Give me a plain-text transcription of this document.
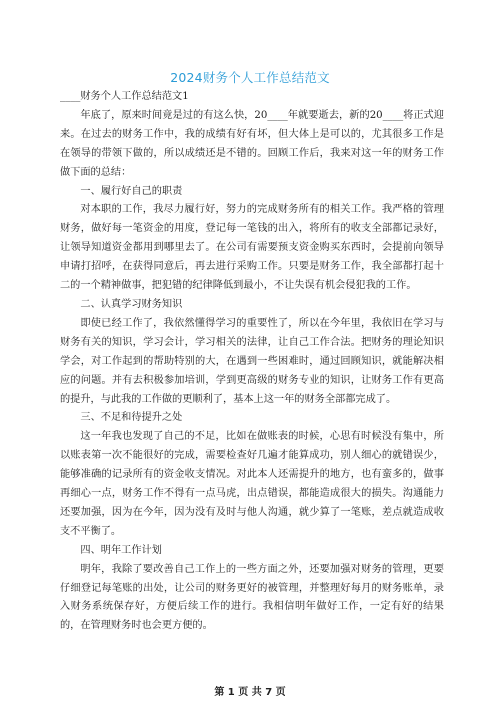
2024财务个人工作总结范文

____财务个人工作总结范文1

年底了，原来时间竟是过的有这么快，20____年就要逝去，新的20____将正式迎来。在过去的财务工作中，我的成绩有好有坏，但大体上是可以的，尤其很多工作是在领导的带领下做的，所以成绩还是不错的。回顾工作后，我来对这一年的财务工作做下面的总结：

一、履行好自己的职责

对本职的工作，我尽力履行好，努力的完成财务所有的相关工作。我严格的管理财务，做好每一笔资金的用度，登记每一笔钱的出入，将所有的收支全部都记录好，让领导知道资金都用到哪里去了。在公司有需要预支资金购买东西时，会提前向领导申请打招呼，在获得同意后，再去进行采购工作。只要是财务工作，我全部都打起十二的一个精神做事，把犯错的纪律降低到最小，不让失误有机会侵犯我的工作。

二、认真学习财务知识

即使已经工作了，我依然懂得学习的重要性了，所以在今年里，我依旧在学习与财务有关的知识，学习会计，学习相关的法律，让自己工作合法。把财务的理论知识学会，对工作起到的帮助特别的大，在遇到一些困难时，通过回顾知识，就能解决相应的问题。并有去积极参加培训，学到更高级的财务专业的知识，让财务工作有更高的提升，与此我的工作做的更顺利了，基本上这一年的财务全部都完成了。

三、不足和待提升之处

这一年我也发现了自己的不足，比如在做账表的时候，心思有时候没有集中，所以账表第一次不能很好的完成，需要检查好几遍才能算成功，别人细心的就错误少，能够准确的记录所有的资金收支情况。对此本人还需提升的地方，也有蛮多的，做事再细心一点，财务工作不得有一点马虎，出点错误，都能造成很大的损失。沟通能力还要加强，因为在今年，因为没有及时与他人沟通，就少算了一笔账，差点就造成收支不平衡了。

四、明年工作计划

明年，我除了要改善自己工作上的一些方面之外，还要加强对财务的管理，更要仔细登记每笔账的出处，让公司的财务更好的被管理，并整理好每月的财务账单，录入财务系统保存好，方便后续工作的进行。我相信明年做好工作，一定有好的结果的，在管理财务时也会更方便的。

第 1 页 共 7 页
